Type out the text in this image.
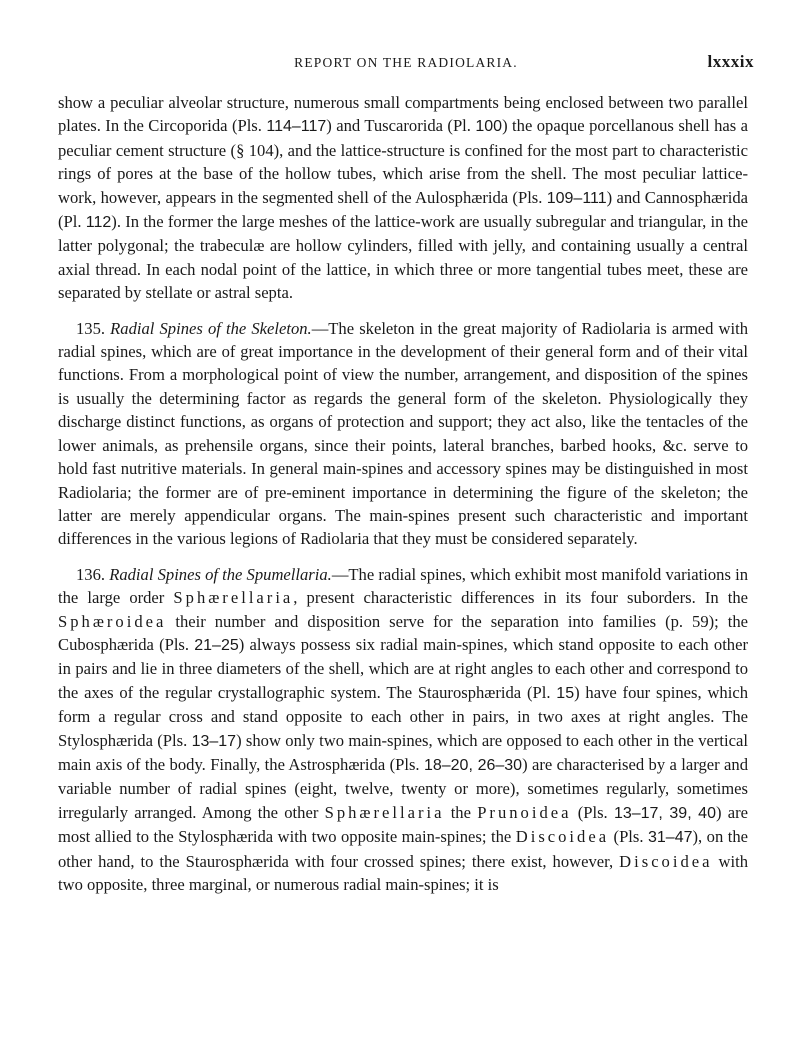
REPORT ON THE RADIOLARIA.	lxxxix

show a peculiar alveolar structure, numerous small compartments being enclosed between two parallel plates. In the Circoporida (Pls. 114–117) and Tuscarorida (Pl. 100) the opaque porcellanous shell has a peculiar cement structure (§ 104), and the lattice-structure is confined for the most part to characteristic rings of pores at the base of the hollow tubes, which arise from the shell. The most peculiar lattice-work, however, appears in the segmented shell of the Aulosphærida (Pls. 109–111) and Cannosphærida (Pl. 112). In the former the large meshes of the lattice-work are usually subregular and triangular, in the latter polygonal; the trabeculæ are hollow cylinders, filled with jelly, and containing usually a central axial thread. In each nodal point of the lattice, in which three or more tangential tubes meet, these are separated by stellate or astral septa.

135. Radial Spines of the Skeleton.—The skeleton in the great majority of Radiolaria is armed with radial spines, which are of great importance in the development of their general form and of their vital functions. From a morphological point of view the number, arrangement, and disposition of the spines is usually the determining factor as regards the general form of the skeleton. Physiologically they discharge distinct functions, as organs of protection and support; they act also, like the tentacles of the lower animals, as prehensile organs, since their points, lateral branches, barbed hooks, &c. serve to hold fast nutritive materials. In general main-spines and accessory spines may be distinguished in most Radiolaria; the former are of pre-eminent importance in determining the figure of the skeleton; the latter are merely appendicular organs. The main-spines present such characteristic and important differences in the various legions of Radiolaria that they must be considered separately.

136. Radial Spines of the Spumellaria.—The radial spines, which exhibit most manifold variations in the large order Sphærellaria, present characteristic differences in its four suborders. In the Sphæroidea their number and disposition serve for the separation into families (p. 59); the Cubosphærida (Pls. 21–25) always possess six radial main-spines, which stand opposite to each other in pairs and lie in three diameters of the shell, which are at right angles to each other and correspond to the axes of the regular crystallographic system. The Staurosphærida (Pl. 15) have four spines, which form a regular cross and stand opposite to each other in pairs, in two axes at right angles. The Stylosphærida (Pls. 13–17) show only two main-spines, which are opposed to each other in the vertical main axis of the body. Finally, the Astrosphærida (Pls. 18–20, 26–30) are characterised by a larger and variable number of radial spines (eight, twelve, twenty or more), sometimes regularly, sometimes irregularly arranged. Among the other Sphærellaria the Prunoidea (Pls. 13–17, 39, 40) are most allied to the Stylosphærida with two opposite main-spines; the Discoidea (Pls. 31–47), on the other hand, to the Staurosphærida with four crossed spines; there exist, however, Discoidea with two opposite, three marginal, or numerous radial main-spines; it is
